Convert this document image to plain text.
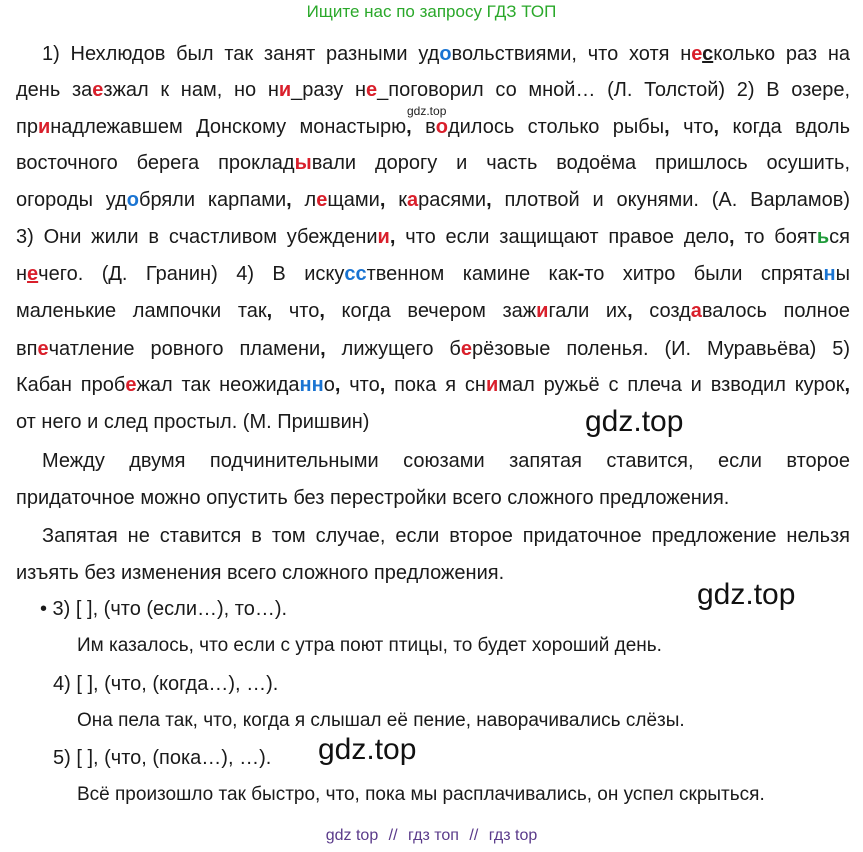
Ищите нас по запросу ГДЗ ТОП
1) Нехлюдов был так занят разными удовольствиями, что хотя несколько раз на
день заезжал к нам, но ни_разу не_поговорил со мной… (Л. Толстой) 2) В озере,
gdz.top
принадлежавшем Донскому монастырю, водилось столько рыбы, что, когда вдоль
восточного берега прокладывали дорогу и часть водоёма пришлось осушить,
огороды удобряли карпами, лещами, карасями, плотвой и окунями. (А. Варламов)
3) Они жили в счастливом убеждении, что если защищают правое дело, то бояться
нечего. (Д. Гранин) 4) В искусственном камине как-то хитро были спрятаны
маленькие лампочки так, что, когда вечером зажигали их, создавалось полное
впечатление ровного пламени, лижущего берёзовые поленья. (И. Муравьёва) 5)
Кабан пробежал так неожиданно, что, пока я снимал ружьё с плеча и взводил курок,
от него и след простыл. (М. Пришвин)	gdz.top
Между двумя подчинительными союзами запятая ставится, если второе
придаточное можно опустить без перестройки всего сложного предложения.
Запятая не ставится в том случае, если второе придаточное предложение нельзя
изъять без изменения всего сложного предложения.
gdz.top
• 3) [ ], (что (если…), то…).
Им казалось, что если с утра поют птицы, то будет хороший день.
4) [ ], (что, (когда…), …).
Она пела так, что, когда я слышал её пение, наворачивались слёзы.
5) [ ], (что, (пока…), …). gdz.top
Всё произошло так быстро, что, пока мы расплачивались, он успел скрыться.
gdz top // гдз топ // гдз top
